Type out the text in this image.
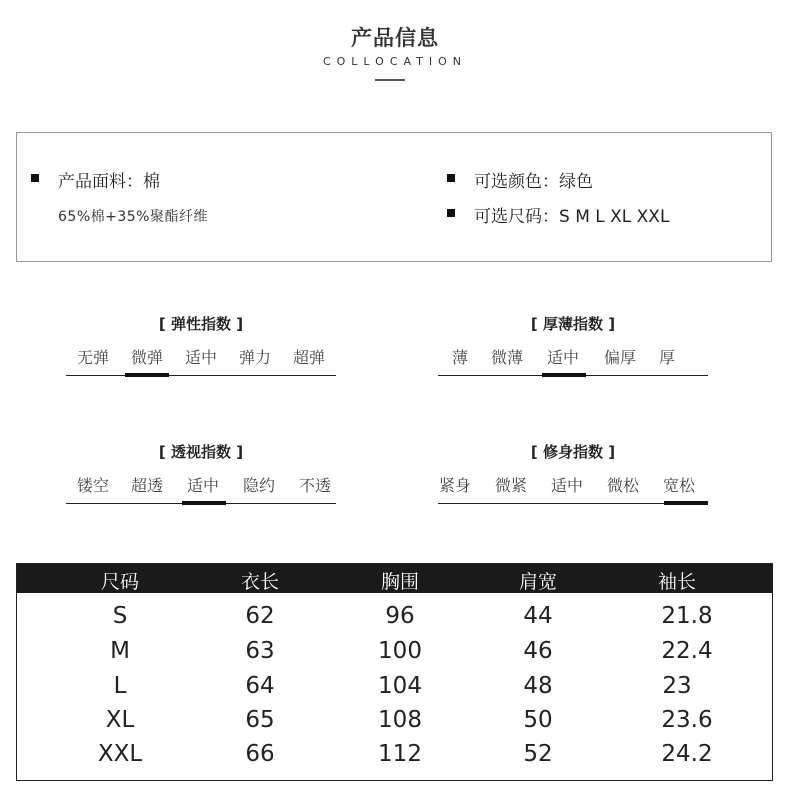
产品信息
COLLOCATION
产品面料：棉
65%棉+35%聚酯纤维
可选颜色：绿色
可选尺码：S M L XL XXL
[ 弹性指数 ]
无弹	微弹	适中	弹力	超弹
[ 厚薄指数 ]
薄	微薄	适中	偏厚	厚
[ 透视指数 ]
镂空	超透	适中	隐约	不透
[ 修身指数 ]
紧身	微紧	适中	微松	宽松
尺码	衣长	胸围	肩宽	袖长
S	62	96	44	21.8
M	63	100	46	22.4
L	64	104	48	23
XL	65	108	50	23.6
XXL	66	112	52	24.2
